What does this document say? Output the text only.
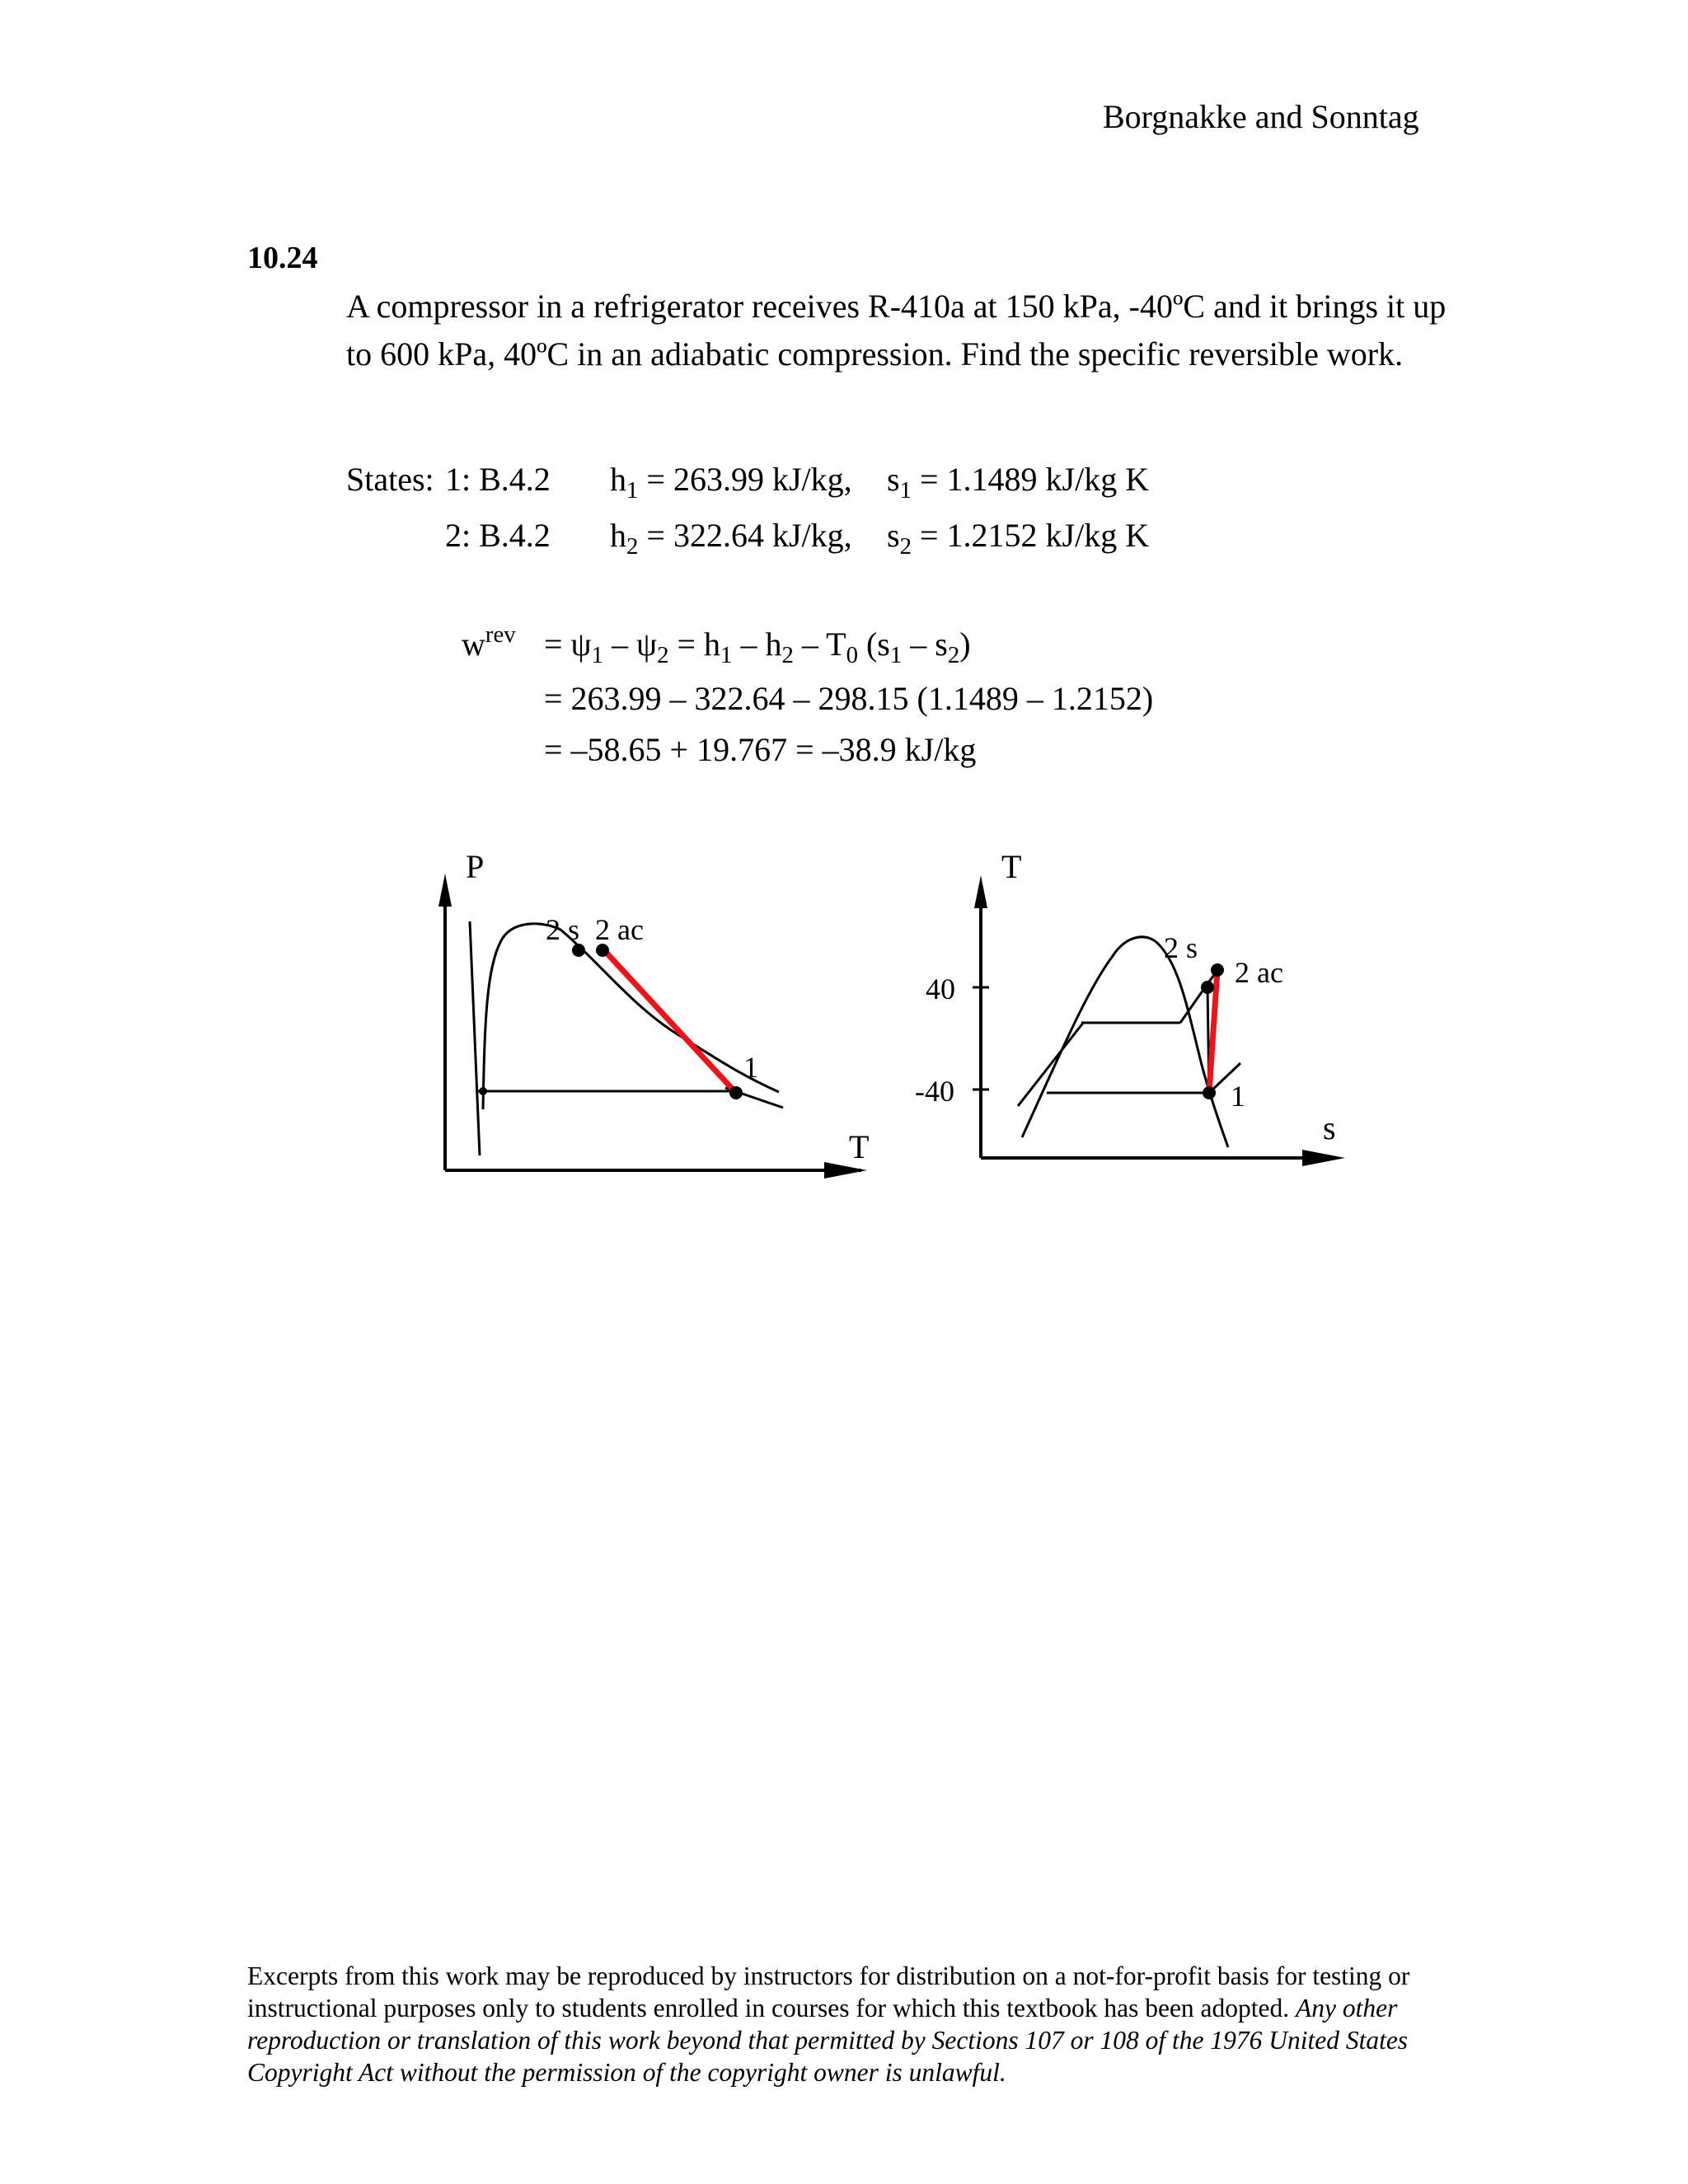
Borgnakke and Sonntag
10.24
A compressor in a refrigerator receives R-410a at 150 kPa, -40ºC and it brings it up to 600 kPa, 40ºC in an adiabatic compression. Find the specific reversible work.
States: 1: B.4.2 $h_1 = 263.99$ kJ/kg, $s_1 = 1.1489$ kJ/kg K
2: B.4.2 $h_2 = 322.64$ kJ/kg, $s_2 = 1.2152$ kJ/kg K
$w^{rev} = \psi_1 - \psi_2 = h_1 - h_2 - T_0$ $(s_1 - s_2)$
= 263.99 – 322.64 – 298.15 (1.1489 – 1.2152)
= –58.65 + 19.767 = –38.9 kJ/kg
P
T
2 s 2 ac
1
T
s
40
-40
2 s
2 ac
1
Excerpts from this work may be reproduced by instructors for distribution on a not-for-profit basis for testing or instructional purposes only to students enrolled in courses for which this textbook has been adopted. Any other reproduction or translation of this work beyond that permitted by Sections 107 or 108 of the 1976 United States Copyright Act without the permission of the copyright owner is unlawful.
